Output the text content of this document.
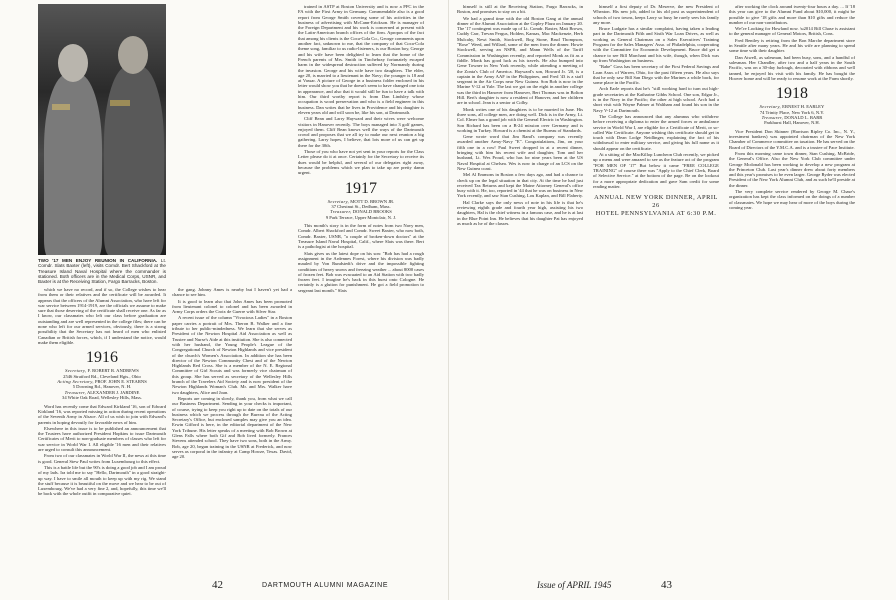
TWO '17 MEN ENJOY REUNION IN CALIFORNIA. Lt. Comdr. Slats Baxter (left), visits Comdr. Bert Shackford at the Treasure Island Naval Hospital where the commander is stationed. Both officers are in the Medical Corps, USNR, and Baxter is at the Receiving Station, Fargo Barracks, Boston.

which we have no record, and if so, the College wishes to hear from them or their relatives and the certificate will be awarded. It appears that the officers of the Alumni Association, who have left for war service between 1914-1919, are the officials we assume to make sure that those deserving of the certificate shall receive one. As far as I know, our classmates who left our class before graduation are outstanding and are well represented in the college files; there can be none who left for our armed services, obviously, there is a strong possibility that the Secretary has not heard of men who enlisted Canadian or British forces, which, if I understand the notice, would make them eligible.

1916
Secretary, F. ROBERT R. ANDREWS
2546 Stratford Rd., Cleveland Hgts., Ohio
Acting Secretary, PROF. JOHN E. STEARNS
5 Downing Rd., Hanover, N. H.
Treasurer, ALEXANDER J. JARDINE
34 White Oak Road, Wellesley Hills, Mass.

Word has recently come that Edward Kirkland '16, son of Edward Kirkland '16, was reported missing in action during recent operations of the Seventh Army in Alsace. All of us wish to join with Edward's parents in hoping devoutly for favorable news of him.

Elsewhere in this issue is to be published an announcement that the Trustees have authorized President Hopkins to issue Dartmouth Certificates of Merit to non-graduate members of classes who left for war service in World War I. All eligible '16 men and their relatives are urged to consult this announcement.

From two of our classmates in World War II, the news at this time is good. General Stew Paul writes from Luxembourg to this effect.

This is a battle life but the 90's is doing a good job and I am proud of my lads. Ira told me to say "Hello, Dartmouth" in a good straight-up way. I have to smile all mouth to keep up with my rig. We stand the stuff because it is beautiful on the move and we hear to be out of Luxembourg. We've had a very fine 2, and, hopefully, this time we'll be back with the whole outfit in comparative quiet.

the gang. Johnny Ames is nearby but I haven't yet had a chance to see him.

It is good to learn also that John Ames has been promoted from lieutenant colonel to colonel and has been awarded in Army Corps orders the Croix de Guerre with Silver Star.

A recent issue of the column "Vivacious Ladies" in a Boston paper carries a portrait of Mrs. Theron B. Walker and a fine tribute to her public-mindedness. We learn that she serves as President of the Newton Hospital Aid Association as well as Trustee and Nurse's Aide at this institution. She is also connected with her husband, the Young People's League of the Congregational Church of Newton Highlands and vice president of the church's Women's Association. In addition she has been director of the Newton Community Chest and of the Newton Highlands Red Cross. She is a member of the N. E. Regional Committee of Girl Scouts and was formerly vice chairman of this group. She has served as secretary of the Wellesley Hills branch of the Travelers Aid Society and is now president of the Newton Highlands Woman's Club. Mr. and Mrs. Walker have two daughters, Alice and Joan.

Reports are coming in slowly, thank you, from what we call our Business Department. Sending in your checks is important, of course, trying to keep you right up to date on the totals of our business which we process through the Bureau of the Acting Secretary's Office, but enclosed samples may give you an idea. Erwin Gifford is here, in the editorial department of the New York Tribune. His letter speaks of a meeting with Bob Brown at Glens Falls where both Gif and Bob lived formerly. Frances Stevens attended school. They have two sons, both in the Army. Bob, age 20, began training in the USNR at Frederick, and now serves as corporal in the infantry at Camp Howze, Texas. David, age 20.

trained in ASTP at Boston University and is now a PFC in the FA with the First Army in Germany. Commendable also is a good report from George Smith covering some of his activities in the business of advertising with McCann-Erickson. He is manager of the Foreign Department and his work is concerned at present with the Latin-American branch offices of the firm. Apropos of the fact that among his clients is the Coca-Cola Co., George comments upon another fact, unknown to me, that the company of that Coca-Cola theme song, familiar to us radio-listeners, is our Boston boy, George and his wife have been delighted to learn that the home of the French parents of Mrs. Smith in Tinchebray fortunately escaped harm in the widespread destruction suffered by Normandy during the invasion. George and his wife have two daughters. The elder, age 20, is married to a lieutenant in the Navy; the younger is 18 and at Vassar. A picture of George in a business folder enclosed in his letter would show you that he doesn't seem to have changed one iota in appearance, and also that it would still be fun to have a talk with him. Our third worthy report is from Dan Lindsley whose occupation is wood preservation and who is a field engineer in this business. Dan writes that he lives in Providence and his daughter is eleven years old and will soon be, like his son, at Dartmouth.

Cliff Bean and Larry Hayward and their wives were welcome visitors in Hanover recently. The boys managed into 3 golf games, enjoyed them. Cliff Bean knows well the ways of the Dartmouth crowd and proposes that we all try to make our next reunion a big gathering. Larry hopes, I believe, that lots more of us can get up there for the 30th.

Those of you who have not yet sent in your reports for the Class Letter please do it at once. Certainly for the Secretary to receive its dues would be helpful, and several of our delegates right away, because the problems which we plan to take up are pretty damn urgent.

1917
Secretary, MOTT D. BROWN JR.
37 Chestnut St., Dedham, Mass.
Treasurer, DONALD BROOKS
9 Park Terrace, Upper Montclair, N. J.

This month's story is in the form of notes from two Navy men, Comdr. Albert Shackford and Comdr. Sweet Baxter, who now both, Comdr. Baxter, USNR, "a couple of broken-down doctors" at the Treasure Island Naval Hospital, Calif., where Slats was there. Bert is a pathologist at the hospital.

Slats gives us the latest dope on his son: "Bob has had a rough assignment in the Ardennes Forest, where his division was badly mauled by Von Rundstedt's drive and the impossible fighting conditions of heavy snows and freezing weather ... about 8000 cases of frozen feet. Bob was evacuated to an Aid Station with two badly frozen feet. I imagine he's back in this burst onto Cologne. He certainly is a glutton for punishment. He got a field promotion to sergeant last month." Slats

42	DARTMOUTH ALUMNI MAGAZINE

himself is still at the Receiving Station, Fargo Barracks, in Boston, and promises to stay on a bit.

We had a grand time with the old Boston Gang at the annual dinner of the Alumni Association at the Copley Plaza on January 20. The '17 contingent was made up of Lt. Comdr. Baxter, Matt Brown, Cuddy Carr, Trevan Fergus, Holden, Kansas, Mac Mackenzie, Herb Mulcahy, Newt Smith, Stockwell, Bog Stone, Brud Thompson, "Rose" Weed, and Willard, some of the men from the dinner. Howie Stockwell, serving an NSPR, and Mann Wells of the Tariff Commission in Washington recently, and reported Monk as fit as a fiddle. Monk has good luck as his travels. He also bumped into Gene Towner in New York recently, while attending a meeting of the Zonta's Club of America. Hayward's son, Howard Jr. '20, is a captain in the Army AAF in the Philippines, and Fred '43 is a staff sergeant in the Air Corps near New Guinea. Son Bob is now in the Marine V-12 at Yale. The last we got on the eight in another college was the third in Hanover from Hanover, Bert Thomas was in Bolton Hill. Bert's daughter is now a resident of Hanover, and her children are in school. Jean is a senior at Colby.

Monk writes one of his daughters is to be married in June. His three sons, all college men, are doing well. Dick is in the Army, Lt. Col. Elmer has a grand job with the General Electric in Washington. Son Richard has been on a B-24 mission over Germany and is working in Turkey. Howard is a chemist at the Bureau of Standards.

Gene wrote word that Jim Rand's company was recently awarded another Army-Navy "E". Congratulations, Jim, on your fifth one in a row! Paul Sweet dropped in at a recent dinner, bringing with him his recent wife and daughter, Tom and her husband, Lt. Wes Proud, who has for nine years been at the US Naval Hospital at Chelsea. Wes is now in charge of an LCS on the New Guinea coast.

Mel Al Emmons in Boston a few days ago, and had a chance to check up on the legal situation in that city. At the time he had just received Tax Returns and kept the Maine Attorney General's office busy with it. He, too, reported in '44 that he was on business in New York recently, and saw Stan Cushing, Lou Kaplan, and Bill Flaherty.

Hal Clarke says the only news of note in his life is that he's reviewing eighth grade and fourth year high, assisting his two daughters, Hal is the chief witness in a famous case, and he is at last in the Blue Point Inn. He believes that his daughter Pat has enjoyed as much as he of the classes.

himself a first deputy of Dr. Meserve, the new President of Wheaton. His new job, added to his old post as superintendent of schools of two towns, keeps Larry so busy he rarely sees his family any more.

Bruce Ludgate has a similar complaint, having taken a leading part in the Dartmouth Fifth and Sixth War Loan Drives, as well as working as General Chairman on a Sales Executives' Training Program for the Sales Managers' Asso. of Philadelphia, cooperating with the Committee for Economic Development. Bruce did get a chance to see Bill Marchant and his wife, though, when Dick was up from Washington on business.

"Babe" Goss has been secretary of the First Federal Savings and Loan Assn. of Warren, Ohio, for the past fifteen years. He also says that he only saw Bill San Diego with the Marines a while back, for some place in the Pacific.

Arch Earle reports that he's "still working hard to turn out high-grade secretaries at the Katharine Gibbs School. One son, Edgar Jr., is in the Navy in the Pacific; the other at high school. Arch had a short visit with Wayne Palmer at Waltham and found his son in the Navy V-12 at Dartmouth.

The College has announced that any alumnus who withdrew before receiving a diploma to enter the armed forces or ambulance service in World War I, are eligible for a Certificate of Merit, or so-called War Certificate. Anyone wishing this certificate should get in touch with Dean Lodge Neidlinger, explaining the fact of his withdrawal to enter military service, and giving his full name as it should appear on the certificate.

At a sitting of the MacKillop Luncheon Club recently, we picked up a menu and were amazed to see as the feature act of the program "FOR MEN OF '17" But below it came "FREE COLLEGE TRAINING" of course there was "Apply to the Chief Clerk, Board of Selective Service." at the bottom of the page. Be on the lookout for a more appropriate dedication and gave Sam credit for some reading matter.

ANNUAL NEW YORK DINNER, APRIL 26
HOTEL PENNSYLVANIA AT 6:30 P.M.

after working the clock around twenty-four hours a day. ... If '18 this year can give to the Alumni Fund about $10,000, it might be possible to give '18 gifts and more than $10 gifts and reduce the number of our non-contributors.

We\'re Looking for Howland now. \u2014 Bill Chase is assistant to the general manager of General Motors, British, Cons.

Fred Bentley is retiring from the Bon Marche department store in Seattle after many years. He and his wife are planning to spend some time with their daughter.

Dan Atwell, as salesman, had been busy, sons, and a handful of salesman. Her Chandler, after two and a half years in the South Pacific, was on a 30-day furlough, decorated with ribbons and well tanned, he enjoyed his visit with his family. He has bought the Hoover home and will be ready to resume work at the Farm shortly.

1918
Secretary, ERNEST H. EARLEY
74 Trinity Place, New York 6, N.Y.
Treasurer, DONALD L. BARR
Parkhurst Hall, Hanover, N.H.

Vice President Don Skinner (Harrison Ripley Co. Inc., N. Y., investment bankers) was appointed chairman of the New York Chamber of Commerce committee on taxation. He has served on the Board of Directors of the Y.M.C.A. and is a trustee of Pace Institute.

From this morning came town dinner, Stan Cushing, McBride, the General's Office. Also the New York Club committee under George Mcdonald has been working to develop a new program at the Princeton Club. Last year's dinner drew about forty members and this year's promises to be even larger. George Ryder was elected President of the New York Alumni Club, and as such he'll preside at the dinner.

The very complete service rendered by George M. Chase's organization has kept the class informed on the doings of a number of classmates. We hope we may hear of more of the boys during the coming year.

Issue of APRIL 1945	43
